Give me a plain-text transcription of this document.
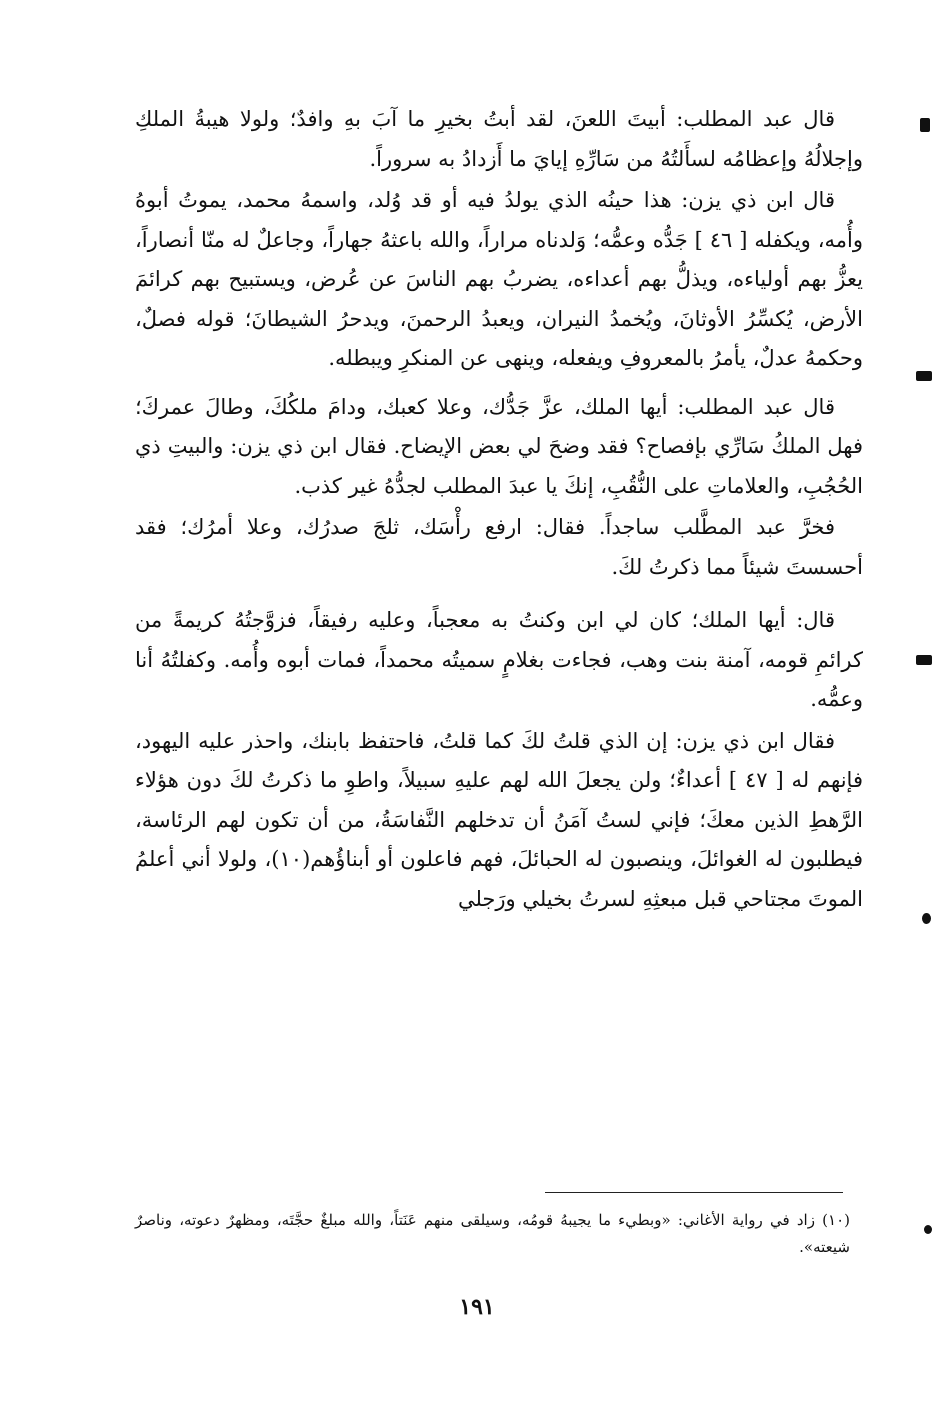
قال عبد المطلب: أبيتَ اللعنَ، لقد أبتُ بخيرِ ما آبَ بهِ وافدٌ؛ ولولا هيبةُ الملكِ وإجلالُهُ وإعظامُه لسأَلتُهُ من سَارِّهِ إيايَ ما أَزدادُ به سروراً.

قال ابن ذي يزن: هذا حينُه الذي يولدُ فيه أو قد وُلد، واسمهُ محمد، يموتُ أبوهُ وأُمه، ويكفله [ ٤٦ ] جَدُّه وعمُّه؛ وَلدناه مراراً، والله باعثهُ جهاراً، وجاعلٌ له منّا أنصاراً، يعزُّ بهم أولياءه، ويذلُّ بهم أعداءه، يضربُ بهم الناسَ عن عُرض، ويستبيح بهم كرائمَ الأرض، يُكسِّرُ الأوثانَ، ويُخمدُ النيران، ويعبدُ الرحمنَ، ويدحرُ الشيطانَ؛ قوله فصلٌ، وحكمهُ عدلٌ، يأمرُ بالمعروفِ ويفعله، وينهى عن المنكرِ ويبطله.

قال عبد المطلب: أيها الملك، عزَّ جَدُّك، وعلا كعبك، ودامَ ملكُكَ، وطالَ عمركَ؛ فهل الملكُ سَارِّي بإفصاح؟ فقد وضحَ لي بعض الإيضاح. فقال ابن ذي يزن: والبيتِ ذي الحُجُبِ، والعلاماتِ على النُّقُبِ، إنكَ يا عبدَ المطلب لجدُّهُ غير كذب.

فخرَّ عبد المطَّلب ساجداً. فقال: ارفع رأْسَك، ثلجَ صدرُك، وعلا أمرُك؛ فقد أحسستَ شيئاً مما ذكرتُ لكَ.

قال: أيها الملك؛ كان لي ابن وكنتُ به معجباً، وعليه رفيقاً، فزوَّجتُهُ كريمةً من كرائمِ قومه، آمنة بنت وهب، فجاءت بغلامٍ سميتُه محمداً، فمات أبوه وأُمه. وكفلتُهُ أنا وعمُّه.

فقال ابن ذي يزن: إن الذي قلتُ لكَ كما قلتُ، فاحتفظ بابنك، واحذر عليه اليهود، فإنهم له [ ٤٧ ] أعداءٌ؛ ولن يجعلَ الله لهم عليهِ سبيلاً، واطوِ ما ذكرتُ لكَ دون هؤلاء الرَّهطِ الذين معكَ؛ فإني لستُ آمَنُ أن تدخلهم النَّفاسَةُ، من أن تكون لهم الرئاسة، فيطلبون له الغوائلَ، وينصبون له الحبائلَ، فهم فاعلون أو أبناؤُهم(١٠)، ولولا أني أعلمُ الموتَ مجتاحي قبل مبعثِهِ لسرتُ بخيلي ورَجلي

(١٠) زاد في رواية الأغاني: «وبطيء ما يجيبهُ قومُه، وسيلقى منهم عَنَتاً، والله مبلغٌ حجَّتَه، ومظهرٌ دعوته، وناصرٌ شيعته».

١٩١
